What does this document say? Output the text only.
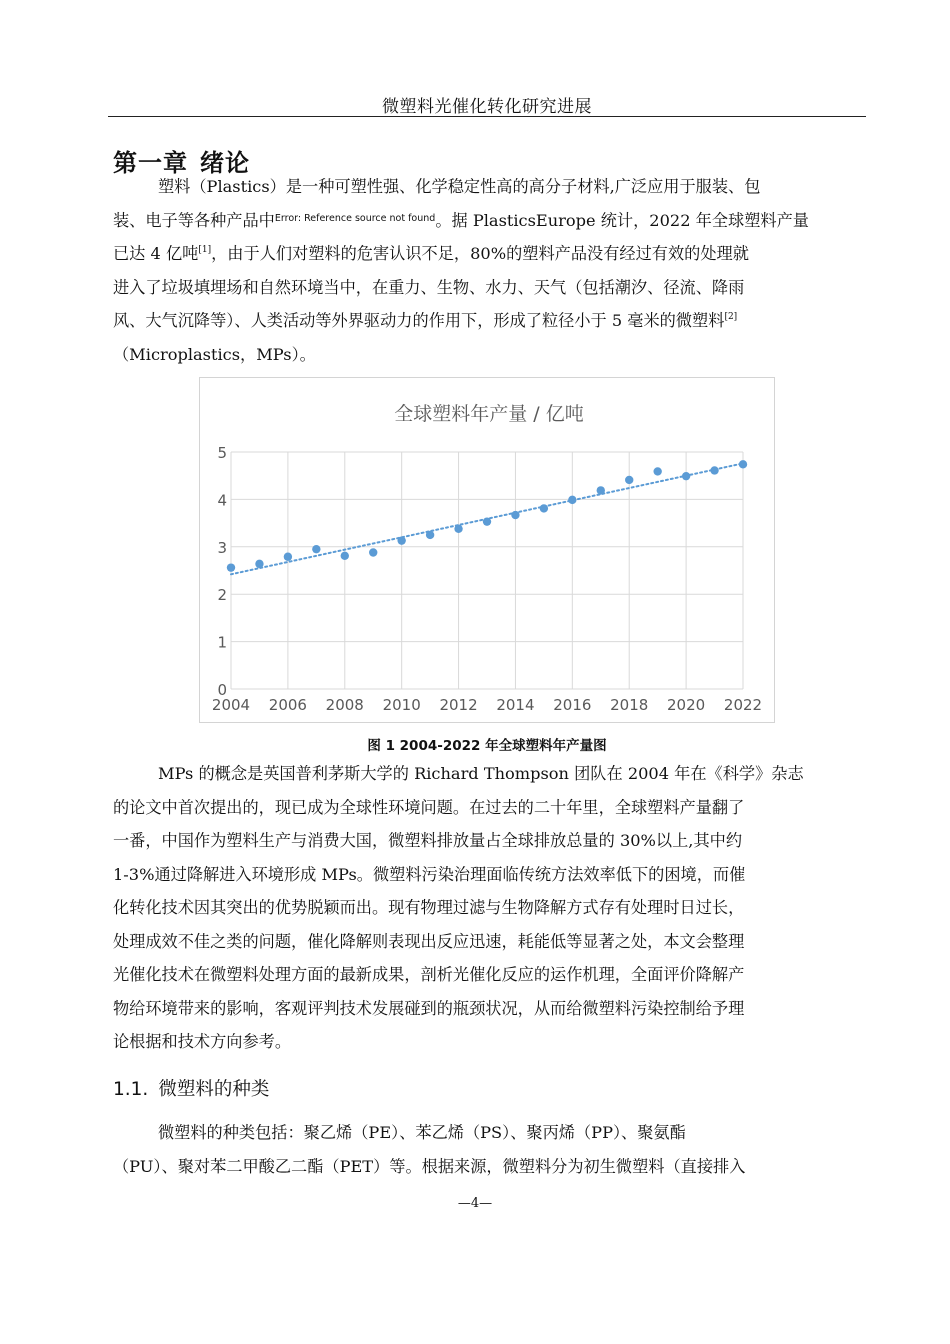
微塑料光催化转化研究进展
第一章 绪论
塑料（Plastics）是一种可塑性强、化学稳定性高的高分子材料,广泛应用于服装、包
装、电子等各种产品中$^{Error: Reference source not found}$。据 PlasticsEurope 统计，2022 年全球塑料产量
已达 4 亿吨[1]，由于人们对塑料的危害认识不足，80%的塑料产品没有经过有效的处理就
进入了垃圾填埋场和自然环境当中，在重力、生物、水力、天气（包括潮汐、径流、降雨
风、大气沉降等）、人类活动等外界驱动力的作用下，形成了粒径小于 5 毫米的微塑料[2]
（Microplastics，MPs）。
全球塑料年产量 / 亿吨
0
1
2
3
4
5
2004 2006 2008 2010 2012 2014 2016 2018 2020 2022
图 1 2004-2022 年全球塑料年产量图
MPs 的概念是英国普利茅斯大学的 Richard Thompson 团队在 2004 年在《科学》杂志
的论文中首次提出的，现已成为全球性环境问题。在过去的二十年里，全球塑料产量翻了
一番，中国作为塑料生产与消费大国，微塑料排放量占全球排放总量的 30%以上,其中约
1-3%通过降解进入环境形成 MPs。微塑料污染治理面临传统方法效率低下的困境，而催
化转化技术因其突出的优势脱颖而出。现有物理过滤与生物降解方式存有处理时日过长，
处理成效不佳之类的问题，催化降解则表现出反应迅速，耗能低等显著之处，本文会整理
光催化技术在微塑料处理方面的最新成果，剖析光催化反应的运作机理，全面评价降解产
物给环境带来的影响，客观评判技术发展碰到的瓶颈状况，从而给微塑料污染控制给予理
论根据和技术方向参考。
1.1. 微塑料的种类
微塑料的种类包括：聚乙烯（PE）、苯乙烯（PS）、聚丙烯（PP）、聚氨酯
（PU）、聚对苯二甲酸乙二酯（PET）等。根据来源，微塑料分为初生微塑料（直接排入
—4—
